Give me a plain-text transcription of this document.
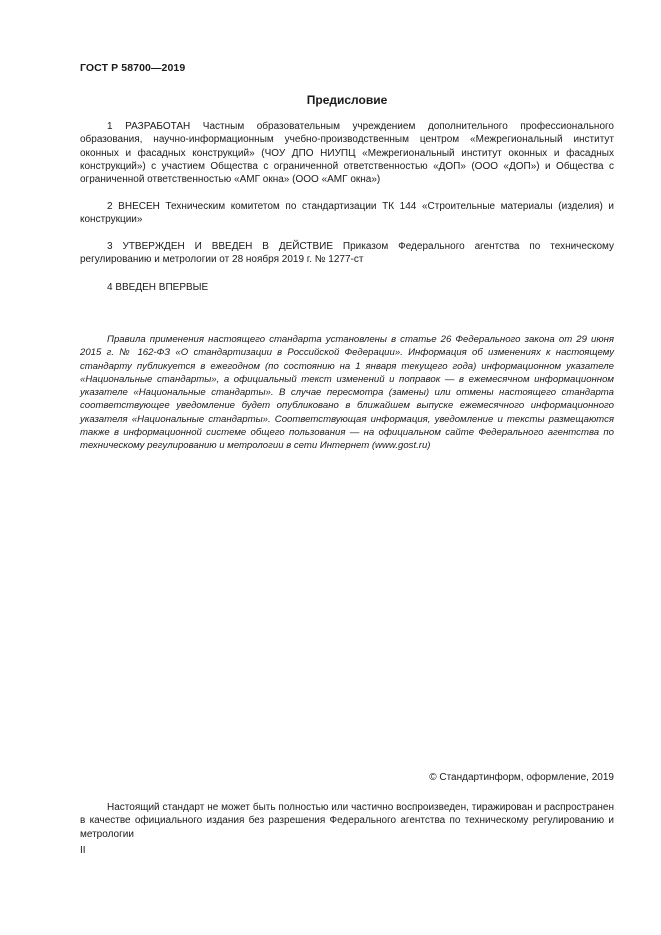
ГОСТ Р 58700—2019
Предисловие

1 РАЗРАБОТАН Частным образовательным учреждением дополнительного профессионального образования, научно-информационным учебно-производственным центром «Межрегиональный институт оконных и фасадных конструкций» (ЧОУ ДПО НИУПЦ «Межрегиональный институт оконных и фасадных конструкций») с участием Общества с ограниченной ответственностью «ДОП» (ООО «ДОП») и Общества с ограниченной ответственностью «АМГ окна» (ООО «АМГ окна»)

2 ВНЕСЕН Техническим комитетом по стандартизации ТК 144 «Строительные материалы (изделия) и конструкции»

3 УТВЕРЖДЕН И ВВЕДЕН В ДЕЙСТВИЕ Приказом Федерального агентства по техническому регулированию и метрологии от 28 ноября 2019 г. № 1277-ст

4 ВВЕДЕН ВПЕРВЫЕ

Правила применения настоящего стандарта установлены в статье 26 Федерального закона от 29 июня 2015 г. № 162-ФЗ «О стандартизации в Российской Федерации». Информация об изменениях к настоящему стандарту публикуется в ежегодном (по состоянию на 1 января текущего года) информационном указателе «Национальные стандарты», а официальный текст изменений и поправок — в ежемесячном информационном указателе «Национальные стандарты». В случае пересмотра (замены) или отмены настоящего стандарта соответствующее уведомление будет опубликовано в ближайшем выпуске ежемесячного информационного указателя «Национальные стандарты». Соответствующая информация, уведомление и тексты размещаются также в информационной системе общего пользования — на официальном сайте Федерального агентства по техническому регулированию и метрологии в сети Интернет (www.gost.ru)

© Стандартинформ, оформление, 2019

Настоящий стандарт не может быть полностью или частично воспроизведен, тиражирован и распространен в качестве официального издания без разрешения Федерального агентства по техническому регулированию и метрологии

II
